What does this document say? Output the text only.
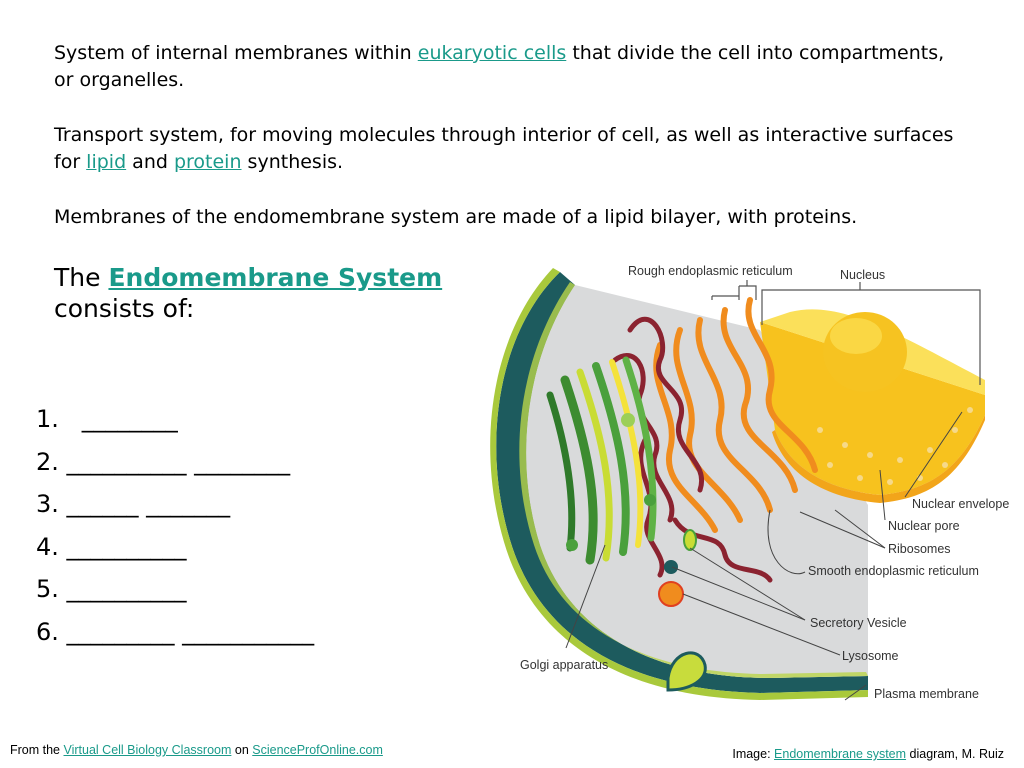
System of internal membranes within eukaryotic cells that divide the cell into compartments, or organelles.
Transport system, for moving molecules through interior of cell, as well as interactive surfaces for lipid and protein synthesis.
Membranes of the endomembrane system are made of a lipid bilayer, with proteins.
The Endomembrane System
consists of:
1.   ________
2. __________ ________
3. ______ _______
4. __________
5. __________
6. _________ ___________
Rough endoplasmic reticulum	Nucleus
Nuclear envelope
Nuclear pore
Ribosomes
Smooth endoplasmic reticulum
Secretory Vesicle
Lysosome
Golgi apparatus
Plasma membrane
From the Virtual Cell Biology Classroom on ScienceProfOnline.com	Image: Endomembrane system diagram, M. Ruiz
